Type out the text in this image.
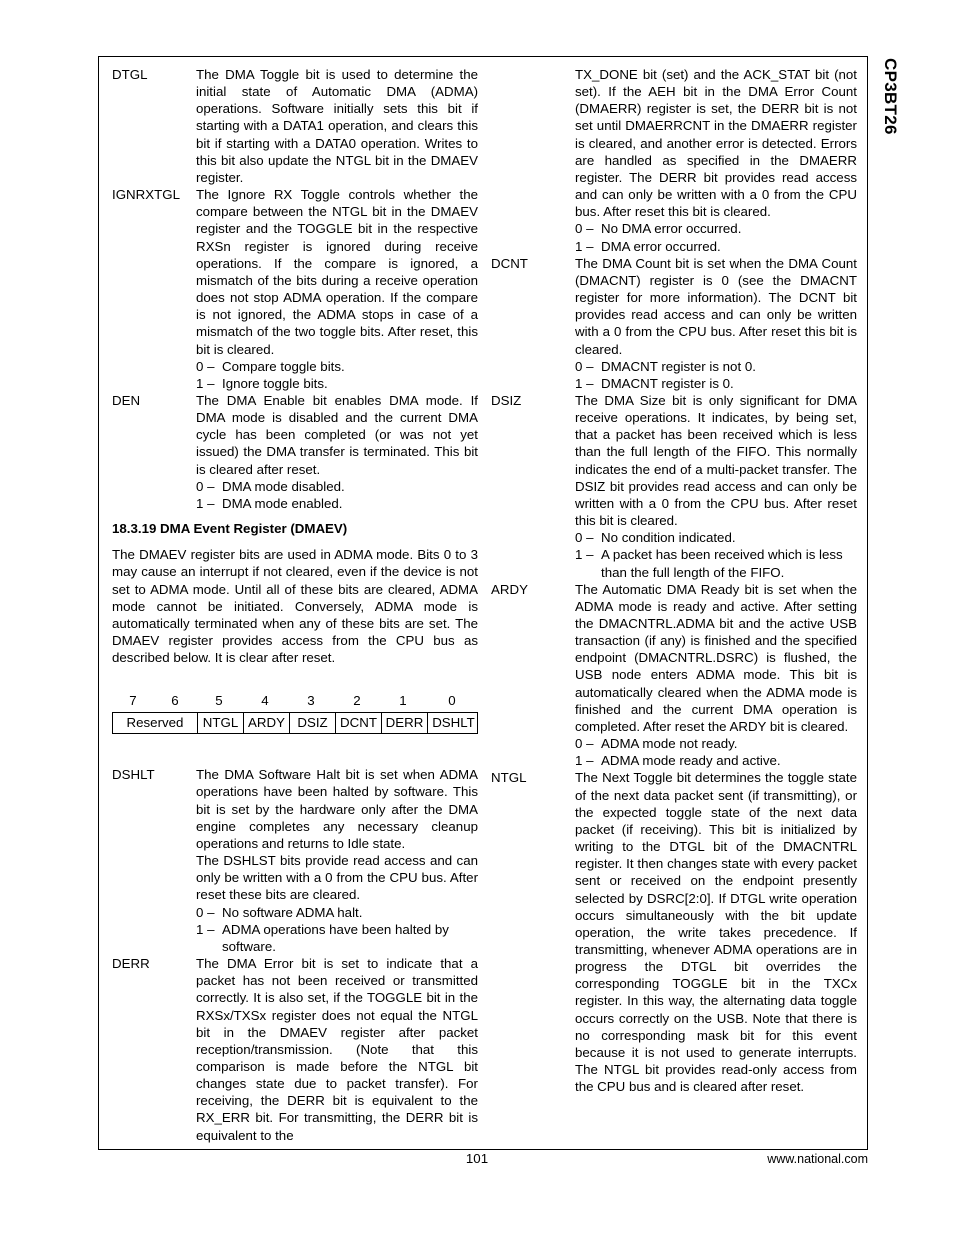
CP3BT26
DTGL	The DMA Toggle bit is used to determine the initial state of Automatic DMA (ADMA) operations. Software initially sets this bit if starting with a DATA1 operation, and clears this bit if starting with a DATA0 operation. Writes to this bit also update the NTGL bit in the DMAEV register.

IGNRXTGL	The Ignore RX Toggle controls whether the compare between the NTGL bit in the DMAEV register and the TOGGLE bit in the respective RXSn register is ignored during receive operations. If the compare is ignored, a mismatch of the bits during a receive operation does not stop ADMA operation. If the compare is not ignored, the ADMA stops in case of a mismatch of the two toggle bits. After reset, this bit is cleared.

0 – Compare toggle bits.
1 – Ignore toggle bits.
DEN	The DMA Enable bit enables DMA mode. If DMA mode is disabled and the current DMA cycle has been completed (or was not yet issued) the DMA transfer is terminated. This bit is cleared after reset.

0 – DMA mode disabled.
1 – DMA mode enabled.
18.3.19 DMA Event Register (DMAEV)

The DMAEV register bits are used in ADMA mode. Bits 0 to 3 may cause an interrupt if not cleared, even if the device is not set to ADMA mode. Until all of these bits are cleared, ADMA mode cannot be initiated. Conversely, ADMA mode is automatically terminated when any of these bits are set. The DMAEV register provides access from the CPU bus as described below. It is clear after reset.

7	6	5	4	3	2	1	0
Reserved	NTGL ARDY DSIZ DCNT DERR DSHLT
DSHLT	The DMA Software Halt bit is set when ADMA operations have been halted by software. This bit is set by the hardware only after the DMA engine completes any necessary cleanup operations and returns to Idle state.

The DSHLST bits provide read access and can only be written with a 0 from the CPU bus. After reset these bits are cleared.

0 – No software ADMA halt.
1 – ADMA operations have been halted by software.
DERR	The DMA Error bit is set to indicate that a packet has not been received or transmitted correctly. It is also set, if the TOGGLE bit in the RXSx/TXSx register does not equal the NTGL bit in the DMAEV register after packet reception/transmission. (Note that this comparison is made before the NTGL bit changes state due to packet transfer). For receiving, the DERR bit is equivalent to the RX_ERR bit. For transmitting, the DERR bit is equivalent to the

TX_DONE bit (set) and the ACK_STAT bit (not set). If the AEH bit in the DMA Error Count (DMAERR) register is set, the DERR bit is not set until DMAERRCNT in the DMAERR register is cleared, and another error is detected. Errors are handled as specified in the DMAERR register. The DERR bit provides read access and can only be written with a 0 from the CPU bus. After reset this bit is cleared.

0 – No DMA error occurred.
1 – DMA error occurred.
DCNT	The DMA Count bit is set when the DMA Count (DMACNT) register is 0 (see the DMACNT register for more information). The DCNT bit provides read access and can only be written with a 0 from the CPU bus. After reset this bit is cleared.

0 – DMACNT register is not 0.
1 – DMACNT register is 0.
DSIZ	The DMA Size bit is only significant for DMA receive operations. It indicates, by being set, that a packet has been received which is less than the full length of the FIFO. This normally indicates the end of a multi-packet transfer. The DSIZ bit provides read access and can only be written with a 0 from the CPU bus. After reset this bit is cleared.

0 – No condition indicated.
1 – A packet has been received which is less than the full length of the FIFO.
ARDY	The Automatic DMA Ready bit is set when the ADMA mode is ready and active. After setting the DMACNTRL.ADMA bit and the active USB transaction (if any) is finished and the specified endpoint (DMACNTRL.DSRC) is flushed, the USB node enters ADMA mode. This bit is automatically cleared when the ADMA mode is finished and the current DMA operation is completed. After reset the ARDY bit is cleared.

0 – ADMA mode not ready.
1 – ADMA mode ready and active.
NTGL	The Next Toggle bit determines the toggle state of the next data packet sent (if transmitting), or the expected toggle state of the next data packet (if receiving). This bit is initialized by writing to the DTGL bit of the DMACNTRL register. It then changes state with every packet sent or received on the endpoint presently selected by DSRC[2:0]. If DTGL write operation occurs simultaneously with the bit update operation, the write takes precedence. If transmitting, whenever ADMA operations are in progress the DTGL bit overrides the corresponding TOGGLE bit in the TXCx register. In this way, the alternating data toggle occurs correctly on the USB. Note that there is no corresponding mask bit for this event because it is not used to generate interrupts. The NTGL bit provides read-only access from the CPU bus and is cleared after reset.

101	www.national.com
